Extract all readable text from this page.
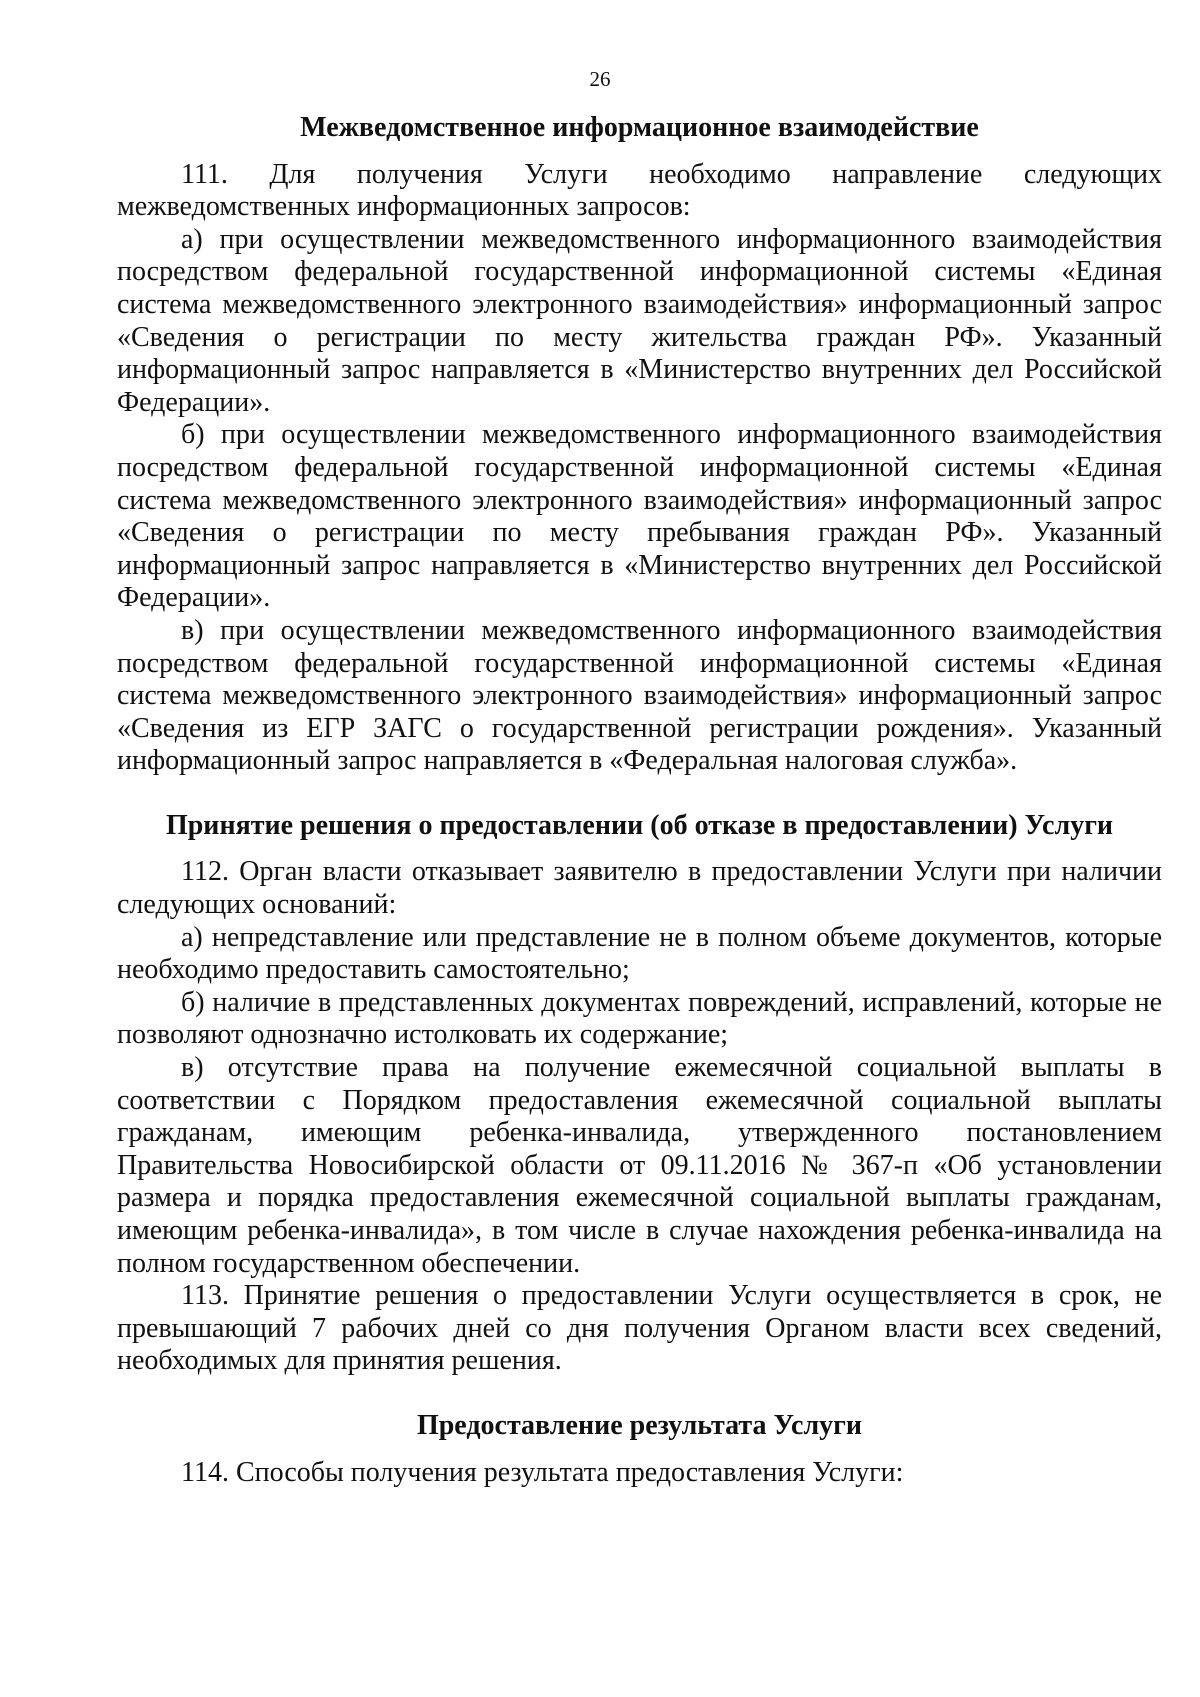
26

Межведомственное информационное взаимодействие

111. Для получения Услуги необходимо направление следующих межведомственных информационных запросов:

а) при осуществлении межведомственного информационного взаимодействия посредством федеральной государственной информационной системы «Единая система межведомственного электронного взаимодействия» информационный запрос «Сведения о регистрации по месту жительства граждан РФ». Указанный информационный запрос направляется в «Министерство внутренних дел Российской Федерации».

б) при осуществлении межведомственного информационного взаимодействия посредством федеральной государственной информационной системы «Единая система межведомственного электронного взаимодействия» информационный запрос «Сведения о регистрации по месту пребывания граждан РФ». Указанный информационный запрос направляется в «Министерство внутренних дел Российской Федерации».

в) при осуществлении межведомственного информационного взаимодействия посредством федеральной государственной информационной системы «Единая система межведомственного электронного взаимодействия» информационный запрос «Сведения из ЕГР ЗАГС о государственной регистрации рождения». Указанный информационный запрос направляется в «Федеральная налоговая служба».

Принятие решения о предоставлении (об отказе в предоставлении) Услуги

112. Орган власти отказывает заявителю в предоставлении Услуги при наличии следующих оснований:

а) непредставление или представление не в полном объеме документов, которые необходимо предоставить самостоятельно;

б) наличие в представленных документах повреждений, исправлений, которые не позволяют однозначно истолковать их содержание;

в) отсутствие права на получение ежемесячной социальной выплаты в соответствии с Порядком предоставления ежемесячной социальной выплаты гражданам, имеющим ребенка-инвалида, утвержденного постановлением Правительства Новосибирской области от 09.11.2016 № 367-п «Об установлении размера и порядка предоставления ежемесячной социальной выплаты гражданам, имеющим ребенка-инвалида», в том числе в случае нахождения ребенка-инвалида на полном государственном обеспечении.

113. Принятие решения о предоставлении Услуги осуществляется в срок, не превышающий 7 рабочих дней со дня получения Органом власти всех сведений, необходимых для принятия решения.

Предоставление результата Услуги

114. Способы получения результата предоставления Услуги:
